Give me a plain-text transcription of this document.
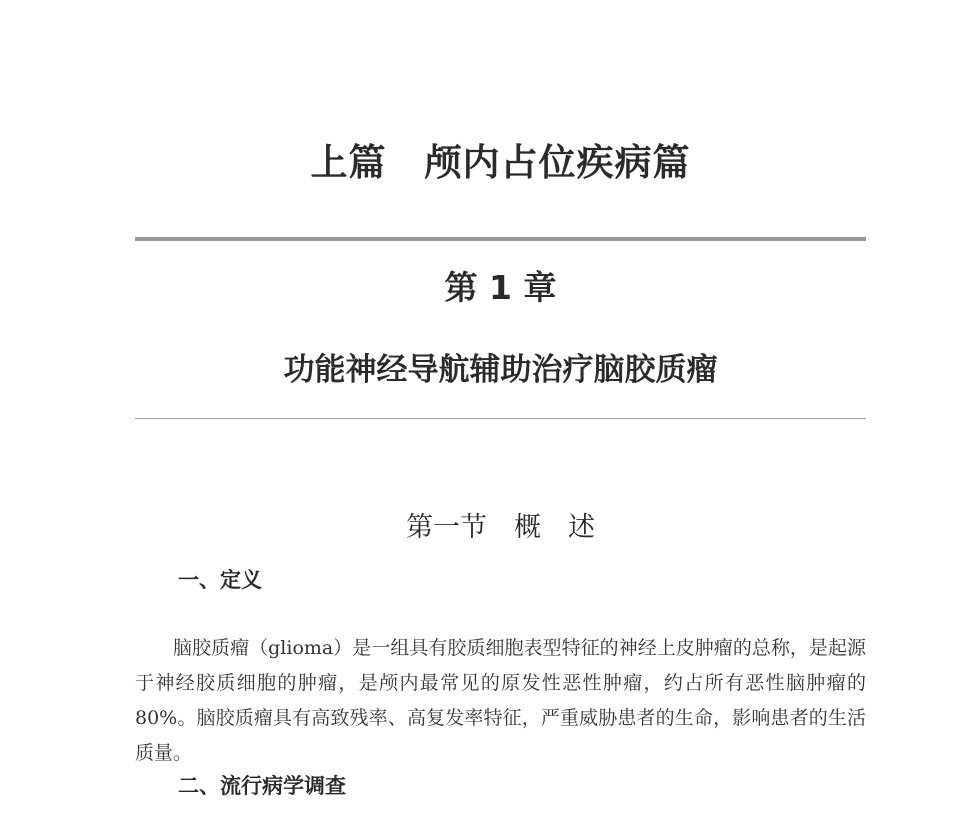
上篇　颅内占位疾病篇
第 1 章
功能神经导航辅助治疗脑胶质瘤
第一节　概　述
一、定义

脑胶质瘤（glioma）是一组具有胶质细胞表型特征的神经上皮肿瘤的总称，是起源于神经胶质细胞的肿瘤，是颅内最常见的原发性恶性肿瘤，约占所有恶性脑肿瘤的 80%。脑胶质瘤具有高致残率、高复发率特征，严重威胁患者的生命，影响患者的生活质量。

二、流行病学调查
